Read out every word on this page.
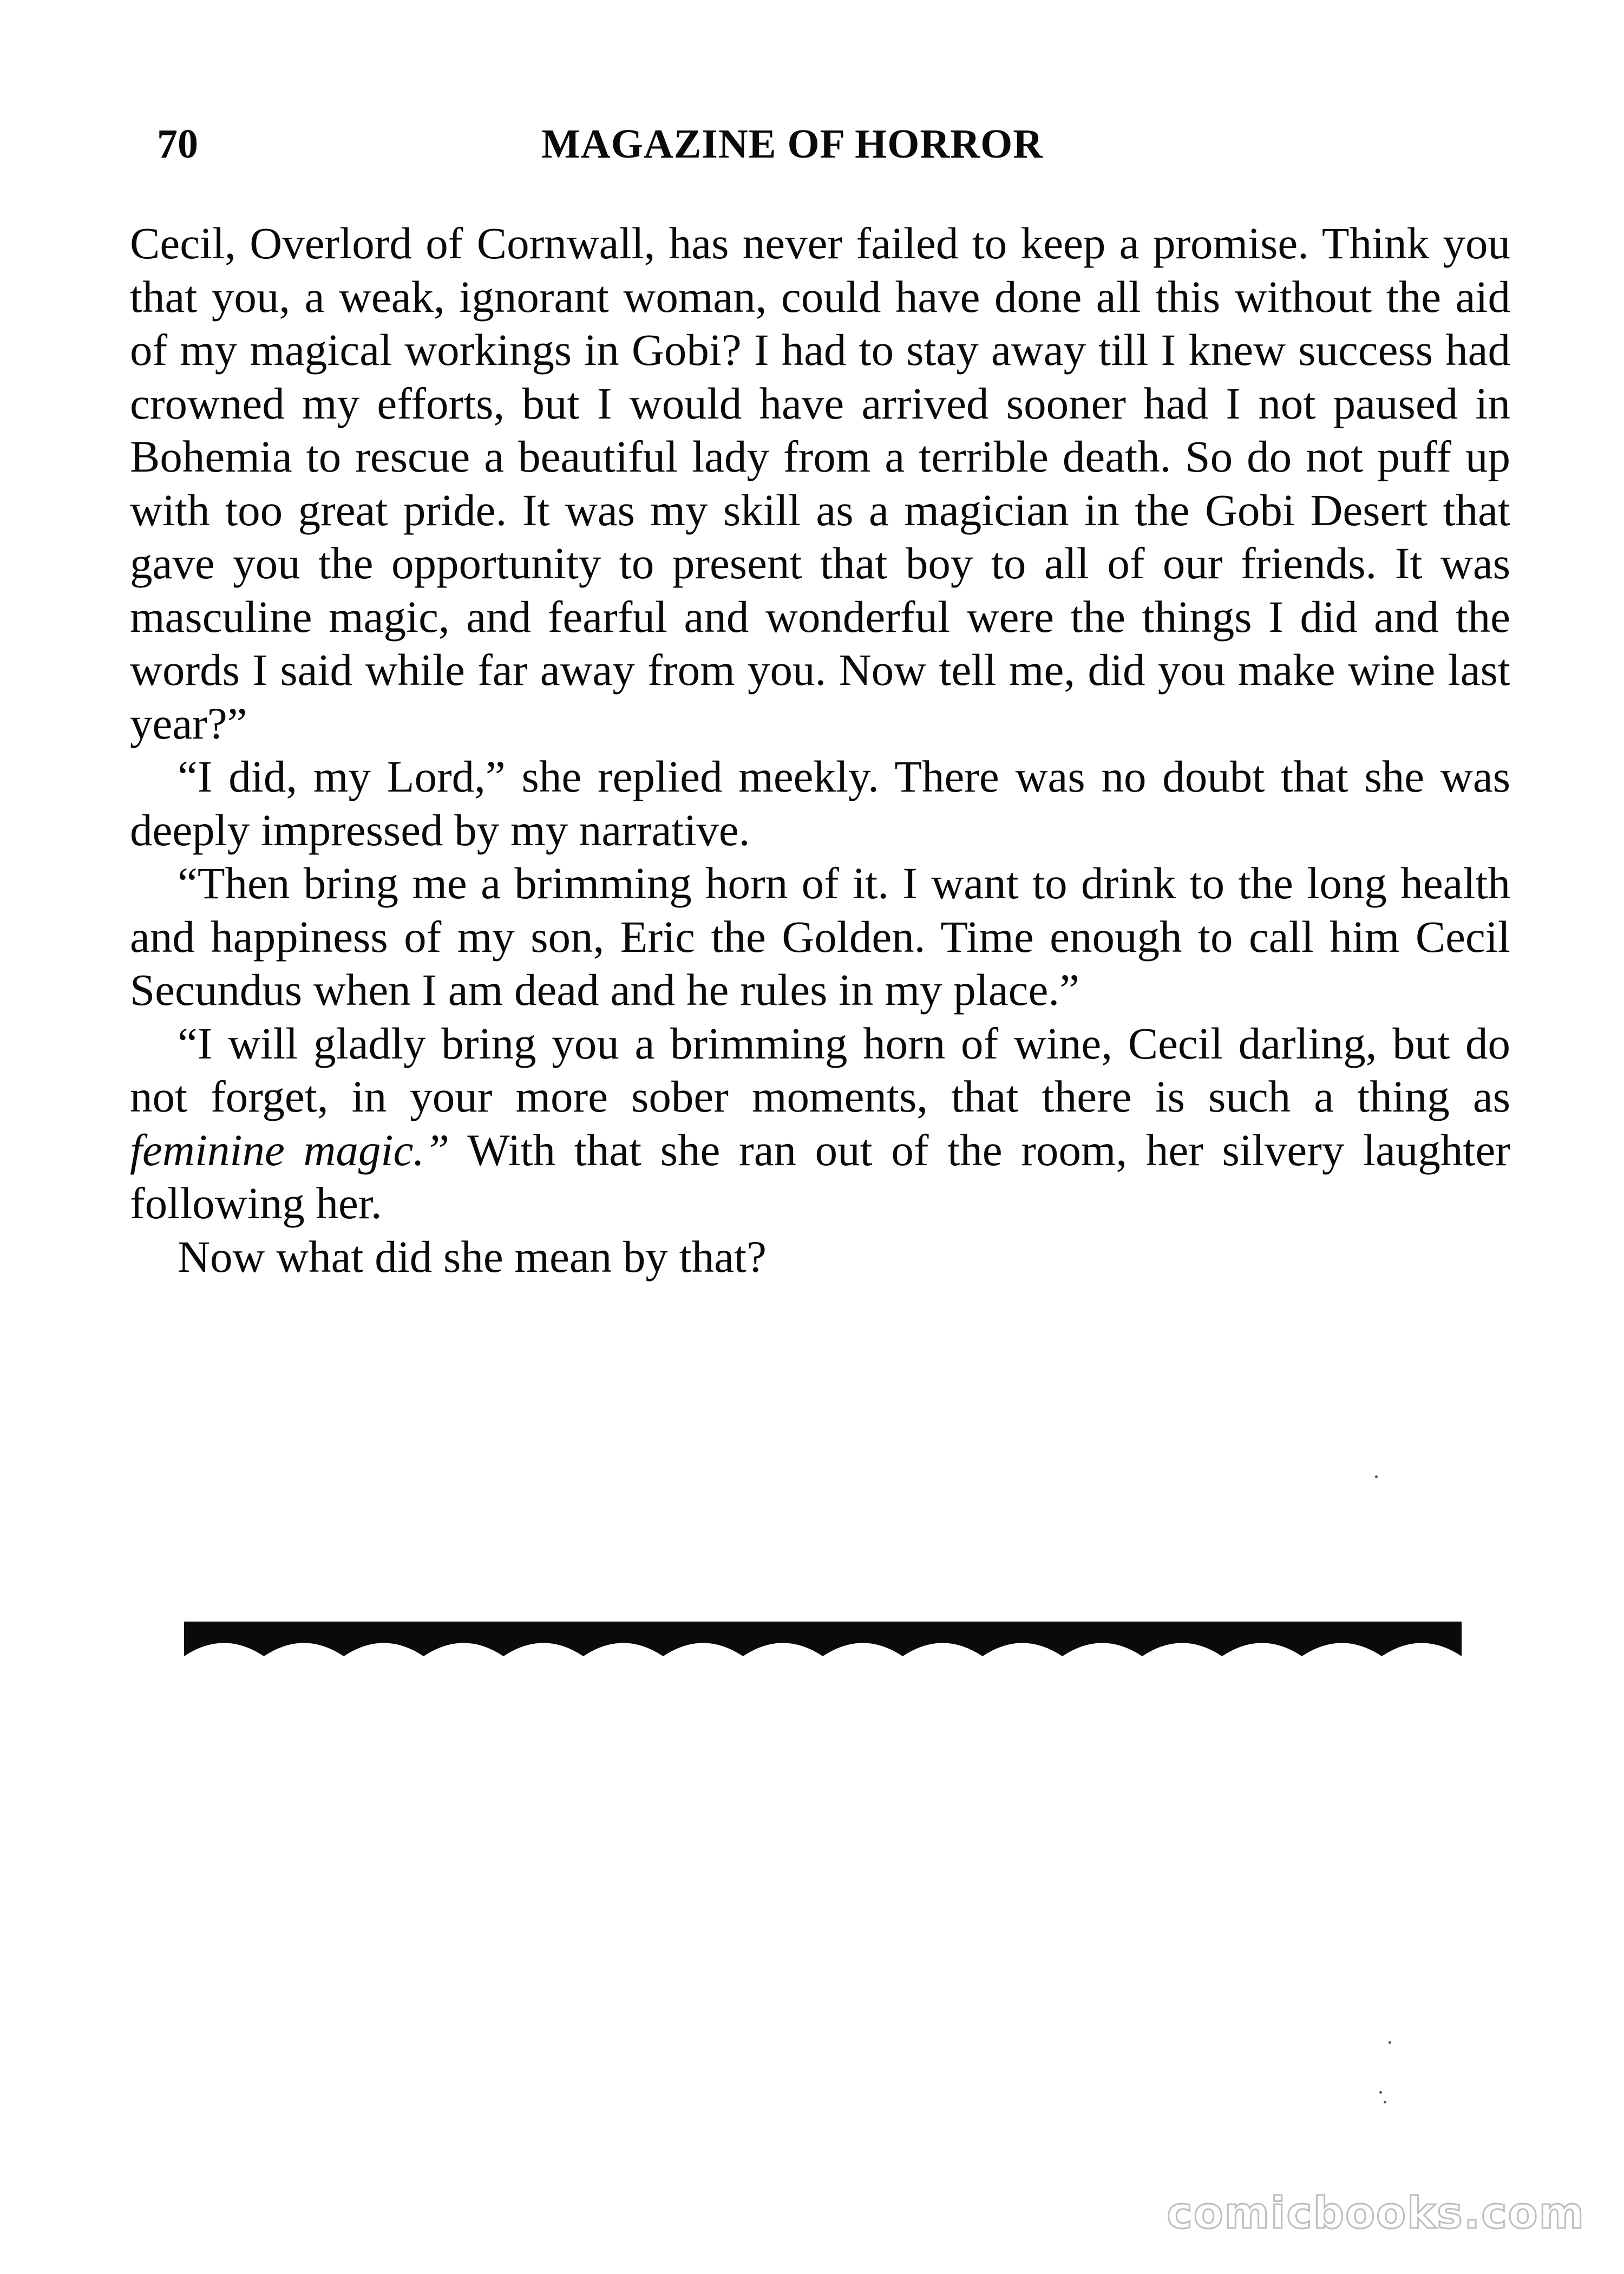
70	MAGAZINE OF HORROR

Cecil, Overlord of Cornwall, has never failed to keep a promise. Think you that you, a weak, ignorant woman, could have done all this without the aid of my magical workings in Gobi? I had to stay away till I knew success had crowned my efforts, but I would have arrived sooner had I not paused in Bohemia to rescue a beautiful lady from a terrible death. So do not puff up with too great pride. It was my skill as a magician in the Gobi Desert that gave you the opportunity to present that boy to all of our friends. It was masculine magic, and fearful and wonderful were the things I did and the words I said while far away from you. Now tell me, did you make wine last year?”

“I did, my Lord,” she replied meekly. There was no doubt that she was deeply impressed by my narrative.

“Then bring me a brimming horn of it. I want to drink to the long health and happiness of my son, Eric the Golden. Time enough to call him Cecil Secundus when I am dead and he rules in my place.”

“I will gladly bring you a brimming horn of wine, Cecil darling, but do not forget, in your more sober moments, that there is such a thing as feminine magic.” With that she ran out of the room, her silvery laughter following her.

Now what did she mean by that?

comicbooks.com
